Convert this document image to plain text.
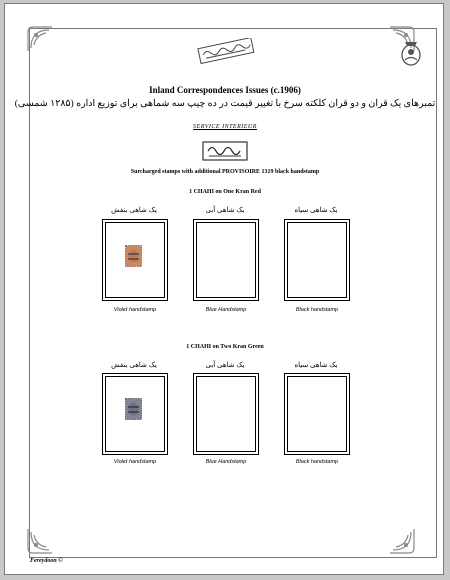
Inland Correspondences Issues (c.1906)
تمبرهای یک قران و دو قران کلکته سرخ با تغییر قیمت در ده چیپ سه شماهی برای توزیع اداره (۱۲۸۵ شمسی)
SERVICE INTERIEUR
Surcharged stamps with additional PROVISOIRE 1319 black handstamp
1 CHAHI on One Kran Red
یک شاهی بنفش	یک شاهی آبی	یک شاهی سیاه
Violet handstamp	Blue Handstamp	Black handstamp
1 CHAHI on Two Kran Green
یک شاهی بنفش	یک شاهی آبی	یک شاهی سیاه
Violet handstamp	Blue Handstamp	Black handstamp
Fereydoon ©
